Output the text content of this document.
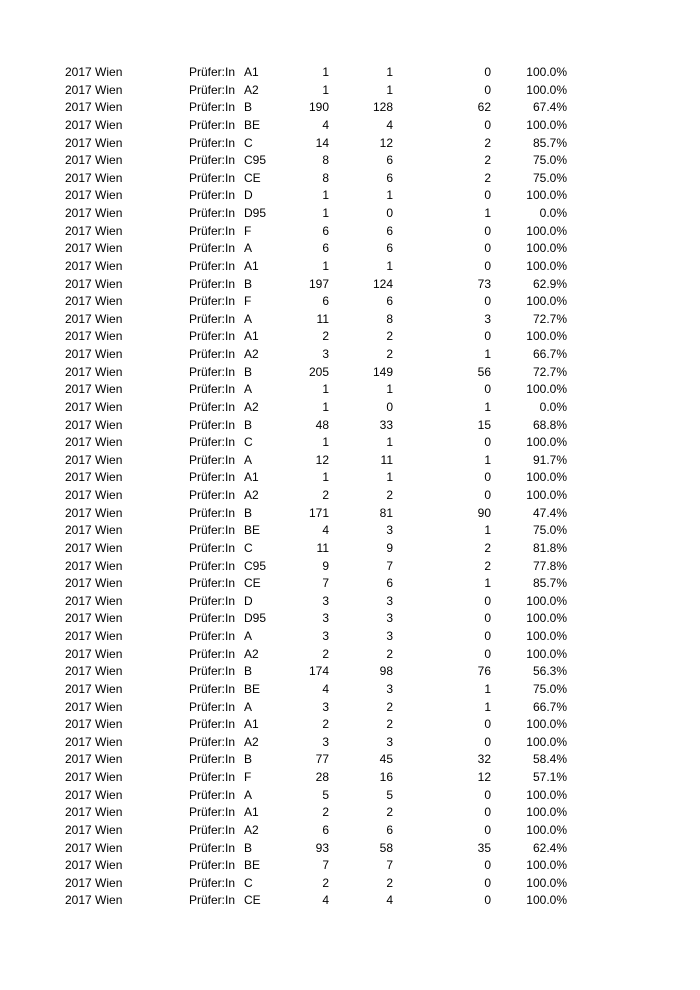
2017 Wien	Prüfer:In A1	1	1	0	100.0%
2017 Wien	Prüfer:In A2	1	1	0	100.0%
2017 Wien	Prüfer:In B	190	128	62	67.4%
2017 Wien	Prüfer:In BE	4	4	0	100.0%
2017 Wien	Prüfer:In C	14	12	2	85.7%
2017 Wien	Prüfer:In C95	8	6	2	75.0%
2017 Wien	Prüfer:In CE	8	6	2	75.0%
2017 Wien	Prüfer:In D	1	1	0	100.0%
2017 Wien	Prüfer:In D95	1	0	1	0.0%
2017 Wien	Prüfer:In F	6	6	0	100.0%
2017 Wien	Prüfer:In A	6	6	0	100.0%
2017 Wien	Prüfer:In A1	1	1	0	100.0%
2017 Wien	Prüfer:In B	197	124	73	62.9%
2017 Wien	Prüfer:In F	6	6	0	100.0%
2017 Wien	Prüfer:In A	11	8	3	72.7%
2017 Wien	Prüfer:In A1	2	2	0	100.0%
2017 Wien	Prüfer:In A2	3	2	1	66.7%
2017 Wien	Prüfer:In B	205	149	56	72.7%
2017 Wien	Prüfer:In A	1	1	0	100.0%
2017 Wien	Prüfer:In A2	1	0	1	0.0%
2017 Wien	Prüfer:In B	48	33	15	68.8%
2017 Wien	Prüfer:In C	1	1	0	100.0%
2017 Wien	Prüfer:In A	12	11	1	91.7%
2017 Wien	Prüfer:In A1	1	1	0	100.0%
2017 Wien	Prüfer:In A2	2	2	0	100.0%
2017 Wien	Prüfer:In B	171	81	90	47.4%
2017 Wien	Prüfer:In BE	4	3	1	75.0%
2017 Wien	Prüfer:In C	11	9	2	81.8%
2017 Wien	Prüfer:In C95	9	7	2	77.8%
2017 Wien	Prüfer:In CE	7	6	1	85.7%
2017 Wien	Prüfer:In D	3	3	0	100.0%
2017 Wien	Prüfer:In D95	3	3	0	100.0%
2017 Wien	Prüfer:In A	3	3	0	100.0%
2017 Wien	Prüfer:In A2	2	2	0	100.0%
2017 Wien	Prüfer:In B	174	98	76	56.3%
2017 Wien	Prüfer:In BE	4	3	1	75.0%
2017 Wien	Prüfer:In A	3	2	1	66.7%
2017 Wien	Prüfer:In A1	2	2	0	100.0%
2017 Wien	Prüfer:In A2	3	3	0	100.0%
2017 Wien	Prüfer:In B	77	45	32	58.4%
2017 Wien	Prüfer:In F	28	16	12	57.1%
2017 Wien	Prüfer:In A	5	5	0	100.0%
2017 Wien	Prüfer:In A1	2	2	0	100.0%
2017 Wien	Prüfer:In A2	6	6	0	100.0%
2017 Wien	Prüfer:In B	93	58	35	62.4%
2017 Wien	Prüfer:In BE	7	7	0	100.0%
2017 Wien	Prüfer:In C	2	2	0	100.0%
2017 Wien	Prüfer:In CE	4	4	0	100.0%
